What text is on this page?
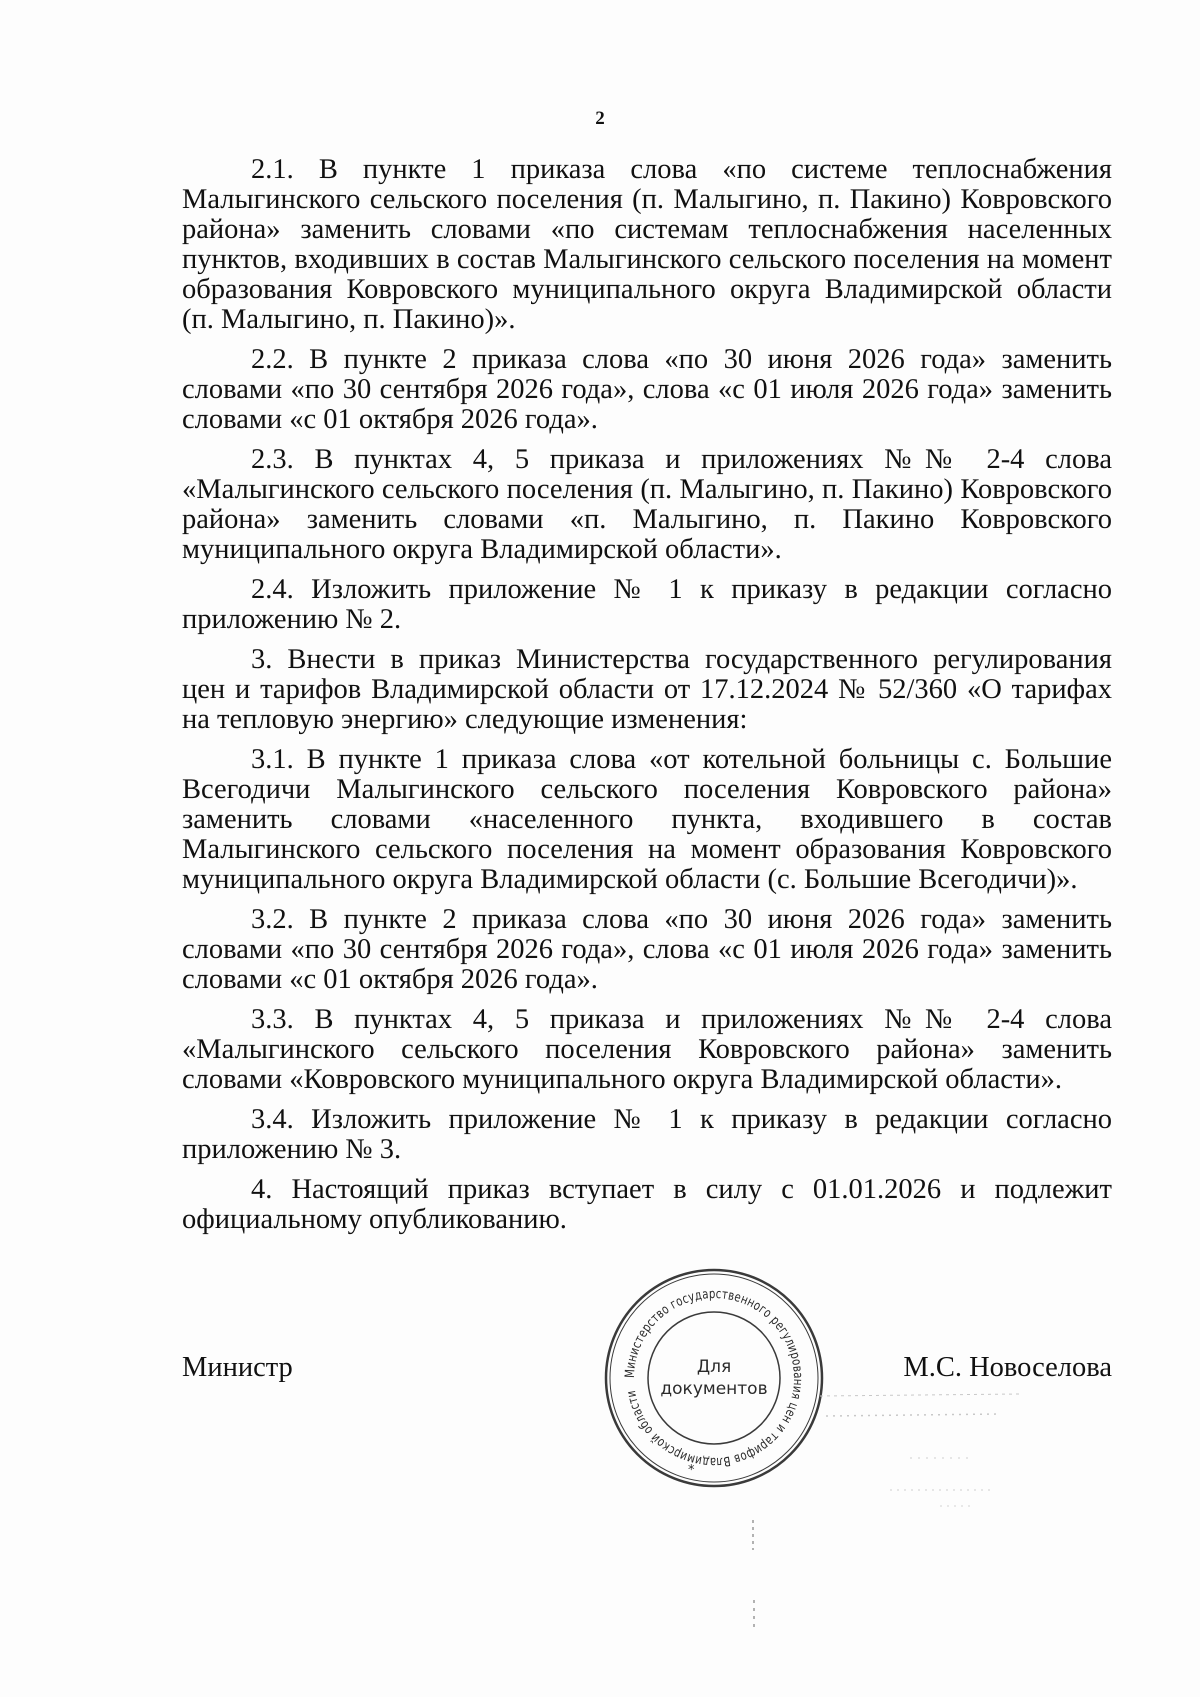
2

2.1. В пункте 1 приказа слова «по системе теплоснабжения Малыгинского сельского поселения (п. Малыгино, п. Пакино) Ковровского района» заменить словами «по системам теплоснабжения населенных пунктов, входивших в состав Малыгинского сельского поселения на момент образования Ковровского муниципального округа Владимирской области (п. Малыгино, п. Пакино)».

2.2. В пункте 2 приказа слова «по 30 июня 2026 года» заменить словами «по 30 сентября 2026 года», слова «с 01 июля 2026 года» заменить словами «с 01 октября 2026 года».

2.3. В пунктах 4, 5 приказа и приложениях №№ 2-4 слова «Малыгинского сельского поселения (п. Малыгино, п. Пакино) Ковровского района» заменить словами «п. Малыгино, п. Пакино Ковровского муниципального округа Владимирской области».

2.4. Изложить приложение № 1 к приказу в редакции согласно приложению № 2.

3. Внести в приказ Министерства государственного регулирования цен и тарифов Владимирской области от 17.12.2024 № 52/360 «О тарифах на тепловую энергию» следующие изменения:

3.1. В пункте 1 приказа слова «от котельной больницы с. Большие Всегодичи Малыгинского сельского поселения Ковровского района» заменить словами «населенного пункта, входившего в состав Малыгинского сельского поселения на момент образования Ковровского муниципального округа Владимирской области (с. Большие Всегодичи)».

3.2. В пункте 2 приказа слова «по 30 июня 2026 года» заменить словами «по 30 сентября 2026 года», слова «с 01 июля 2026 года» заменить словами «с 01 октября 2026 года».

3.3. В пунктах 4, 5 приказа и приложениях №№ 2-4 слова «Малыгинского сельского поселения Ковровского района» заменить словами «Ковровского муниципального округа Владимирской области».

3.4. Изложить приложение № 1 к приказу в редакции согласно приложению № 3.

4. Настоящий приказ вступает в силу с 01.01.2026 и подлежит официальному опубликованию.

Министр	М.С. Новоселова
Министерство государственного регулирования цен и тарифов Владимирской области
Для
документов
*
